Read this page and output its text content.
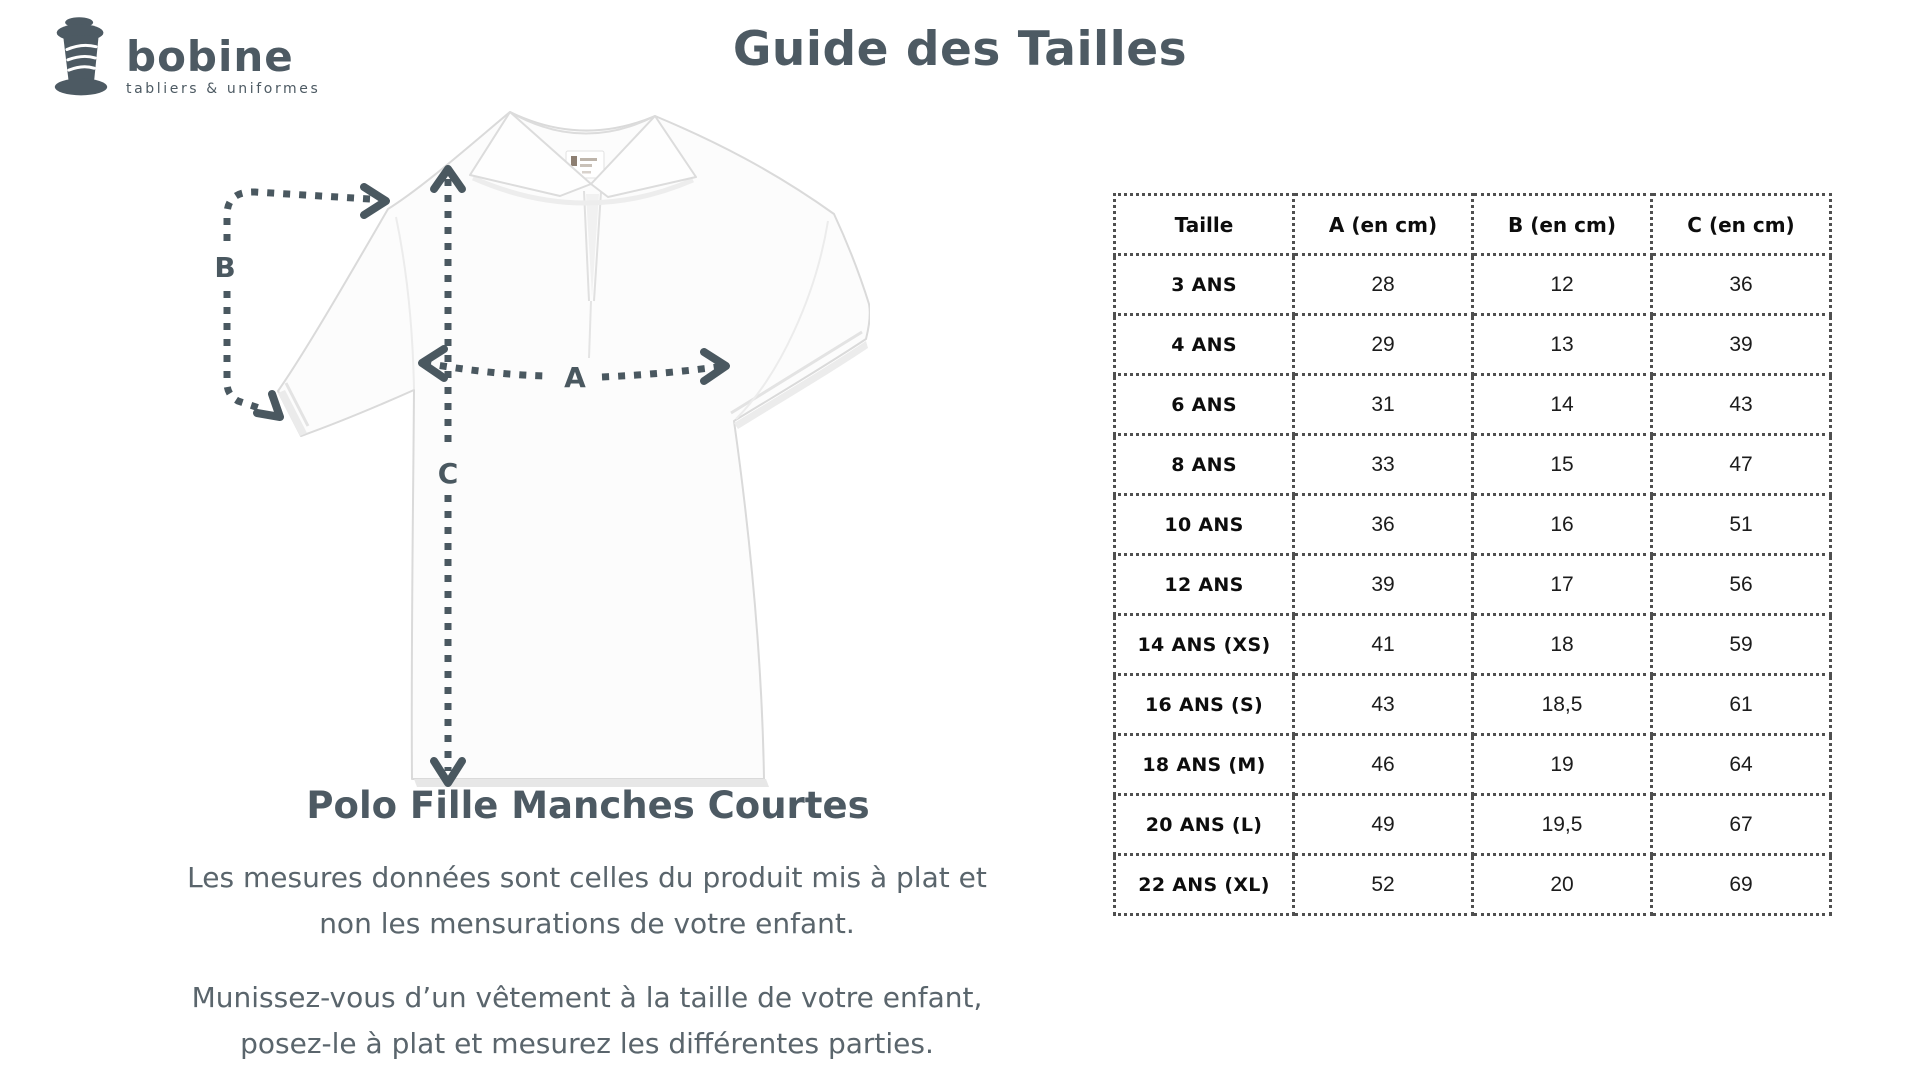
bobine
tabliers & uniformes
Guide des Tailles
B
A
C
Polo Fille Manches Courtes
Les mesures données sont celles du produit mis à plat et
non les mensurations de votre enfant.
Munissez-vous d’un vêtement à la taille de votre enfant,
posez-le à plat et mesurez les différentes parties.
Taille	A (en cm)	B (en cm)	C (en cm)
3 ANS	28	12	36
4 ANS	29	13	39
6 ANS	31	14	43
8 ANS	33	15	47
10 ANS	36	16	51
12 ANS	39	17	56
14 ANS (XS)	41	18	59
16 ANS (S)	43	18,5	61
18 ANS (M)	46	19	64
20 ANS (L)	49	19,5	67
22 ANS (XL)	52	20	69
